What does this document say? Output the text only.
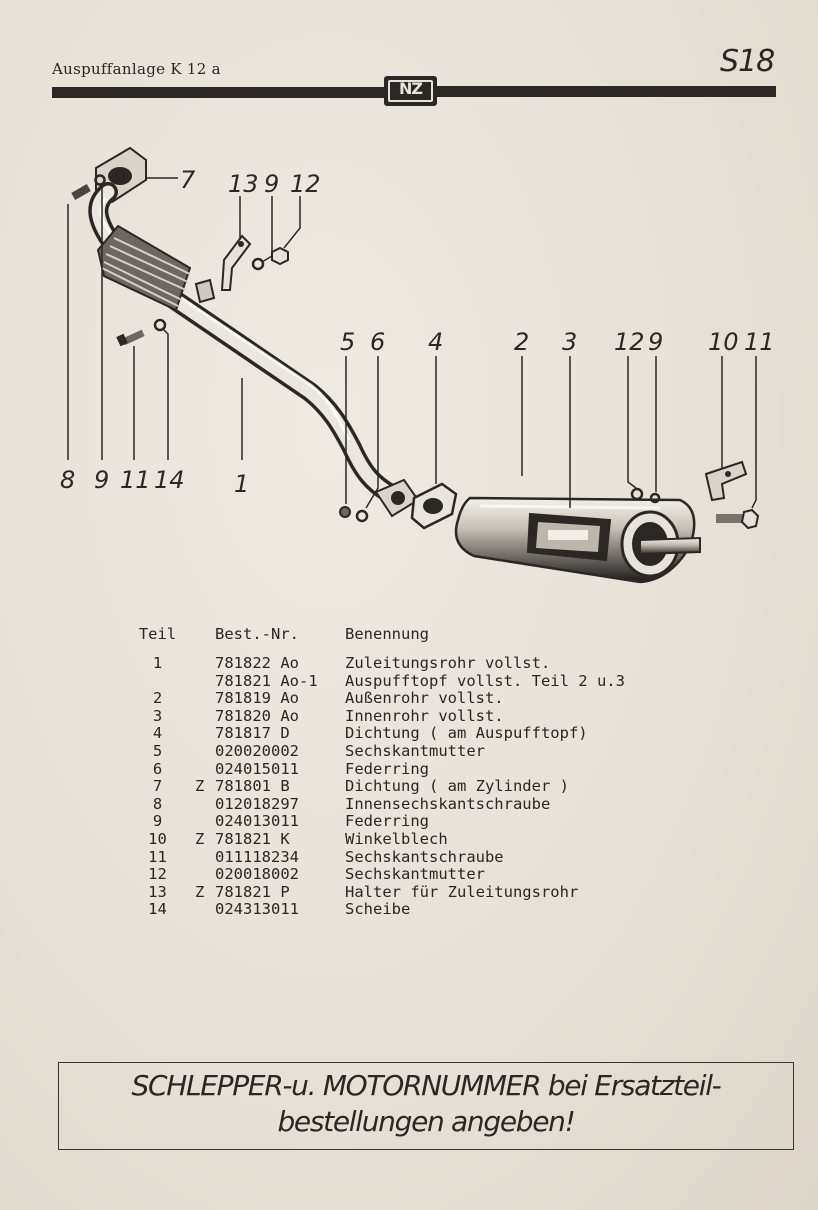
Auspuffanlage K 12 a	S18
NZ
7 13 9 12
5 6 4	2 3 12 9 10 11
8 9 11 14 1
Teil		Best.-Nr.	Benennung
1		781822 Ao	Zuleitungsrohr vollst.
		781821 Ao-1	Auspufftopf vollst. Teil 2 u.3
2		781819 Ao	Außenrohr vollst.
3		781820 Ao	Innenrohr vollst.
4		781817 D	Dichtung ( am Auspufftopf)
5		020020002	Sechskantmutter
6		024015011	Federring
7	Z	781801 B	Dichtung ( am Zylinder )
8		012018297	Innensechskantschraube
9		024013011	Federring
10	Z	781821 K	Winkelblech
11		011118234	Sechskantschraube
12		020018002	Sechskantmutter
13	Z	781821 P	Halter für Zuleitungsrohr
14		024313011	Scheibe
SCHLEPPER-u. MOTORNUMMER bei Ersatzteil-
bestellungen angeben!
